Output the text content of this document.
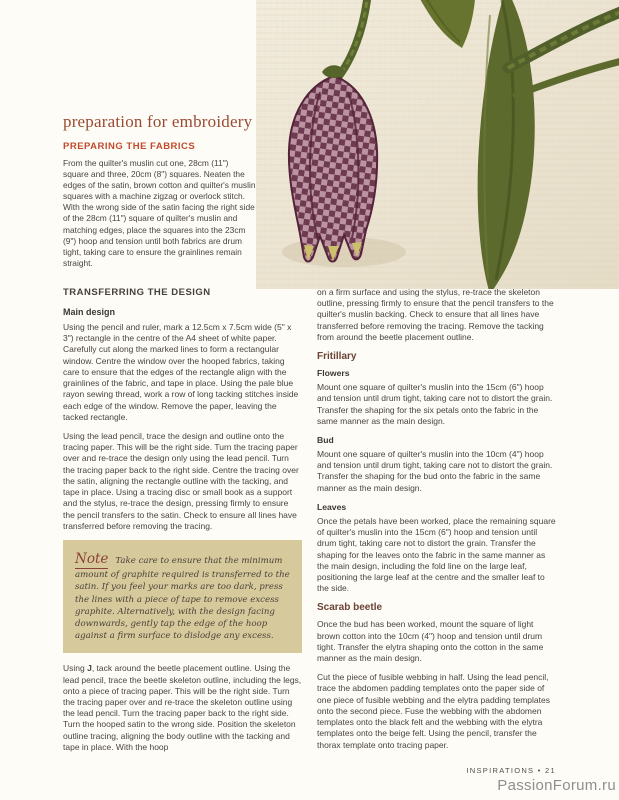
preparation for embroidery
PREPARING THE FABRICS

From the quilter's muslin cut one, 28cm (11") square and three, 20cm (8") squares. Neaten the edges of the satin, brown cotton and quilter's muslin squares with a machine zigzag or overlock stitch. With the wrong side of the satin facing the right side of the 28cm (11") square of quilter's muslin and matching edges, place the squares into the 23cm (9") hoop and tension until both fabrics are drum tight, taking care to ensure the grainlines remain straight.

TRANSFERRING THE DESIGN
Main design

Using the pencil and ruler, mark a 12.5cm x 7.5cm wide (5" x 3") rectangle in the centre of the A4 sheet of white paper. Carefully cut along the marked lines to form a rectangular window. Centre the window over the hooped fabrics, taking care to ensure that the edges of the rectangle align with the grainlines of the fabric, and tape in place. Using the pale blue rayon sewing thread, work a row of long tacking stitches inside each edge of the window. Remove the paper, leaving the tacked rectangle.

Using the lead pencil, trace the design and outline onto the tracing paper. This will be the right side. Turn the tracing paper over and re-trace the design only using the lead pencil. Turn the tracing paper back to the right side. Centre the tracing over the satin, aligning the rectangle outline with the tacking, and tape in place. Using a tracing disc or small book as a support and the stylus, re-trace the design, pressing firmly to ensure the pencil transfers to the satin. Check to ensure all lines have transferred before removing the tracing.

Note Take care to ensure that the minimum amount of graphite required is transferred to the satin. If you feel your marks are too dark, press the lines with a piece of tape to remove excess graphite. Alternatively, with the design facing downwards, gently tap the edge of the hoop against a firm surface to dislodge any excess.

Using J, tack around the beetle placement outline. Using the lead pencil, trace the beetle skeleton outline, including the legs, onto a piece of tracing paper. This will be the right side. Turn the tracing paper over and re-trace the skeleton outline using the lead pencil. Turn the tracing paper back to the right side. Turn the hooped satin to the wrong side. Position the skeleton outline tracing, aligning the body outline with the tacking and tape in place. With the hoop

on a firm surface and using the stylus, re-trace the skeleton outline, pressing firmly to ensure that the pencil transfers to the quilter's muslin backing. Check to ensure that all lines have transferred before removing the tracing. Remove the tacking from around the beetle placement outline.

Fritillary
Flowers

Mount one square of quilter's muslin into the 15cm (6") hoop and tension until drum tight, taking care not to distort the grain. Transfer the shaping for the six petals onto the fabric in the same manner as the main design.

Bud

Mount one square of quilter's muslin into the 10cm (4") hoop and tension until drum tight, taking care not to distort the grain. Transfer the shaping for the bud onto the fabric in the same manner as the main design.

Leaves

Once the petals have been worked, place the remaining square of quilter's muslin into the 15cm (6") hoop and tension until drum tight, taking care not to distort the grain. Transfer the shaping for the leaves onto the fabric in the same manner as the main design, including the fold line on the large leaf, positioning the large leaf at the centre and the smaller leaf to the side.

Scarab beetle

Once the bud has been worked, mount the square of light brown cotton into the 10cm (4") hoop and tension until drum tight. Transfer the elytra shaping onto the cotton in the same manner as the main design.

Cut the piece of fusible webbing in half. Using the lead pencil, trace the abdomen padding templates onto the paper side of one piece of fusible webbing and the elytra padding templates onto the second piece. Fuse the webbing with the abdomen templates onto the black felt and the webbing with the elytra templates onto the beige felt. Using the pencil, transfer the thorax template onto tracing paper.

INSPIRATIONS • 21
PassionForum.ru
